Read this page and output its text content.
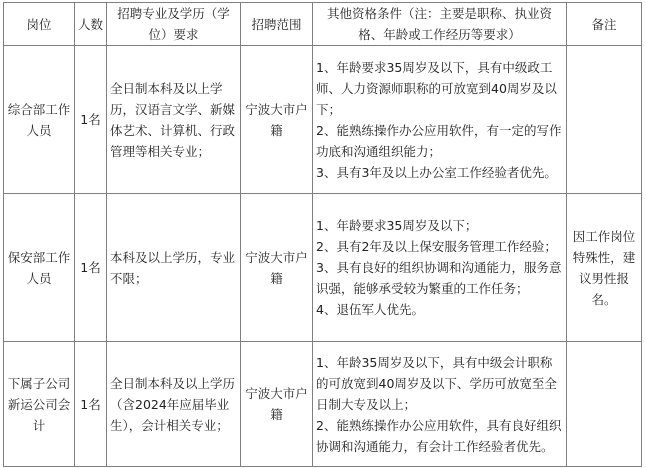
岗位	人数	招聘专业及学历（学位）要求	招聘范围	其他资格条件（注：主要是职称、执业资格、年龄或工作经历等要求）	备注
综合部工作人员	1名	全日制本科及以上学历，汉语言文学、新媒体艺术、计算机、行政管理等相关专业；	宁波大市户籍	1、年龄要求35周岁及以下，具有中级政工师、人力资源师职称的可放宽到40周岁及以下；
2、能熟练操作办公应用软件，有一定的写作功底和沟通组织能力；
3、具有3年及以上办公室工作经验者优先。	

保安部工作人员	1名	本科及以上学历，专业不限；	宁波大市户籍	1、年龄要求35周岁及以下；
2、具有2年及以上保安服务管理工作经验；
3、具有良好的组织协调和沟通能力，服务意识强，能够承受较为繁重的工作任务；
4、退伍军人优先。	因工作岗位特殊性，建议男性报名。
下属子公司新运公司会计	1名	全日制本科及以上学历（含2024年应届毕业生），会计相关专业；	宁波大市户籍	1、年龄35周岁及以下，具有中级会计职称的可放宽到40周岁及以下、学历可放宽至全日制大专及以上；
2、能熟练操作办公应用软件，具有良好组织协调和沟通能力，有会计工作经验者优先。	
